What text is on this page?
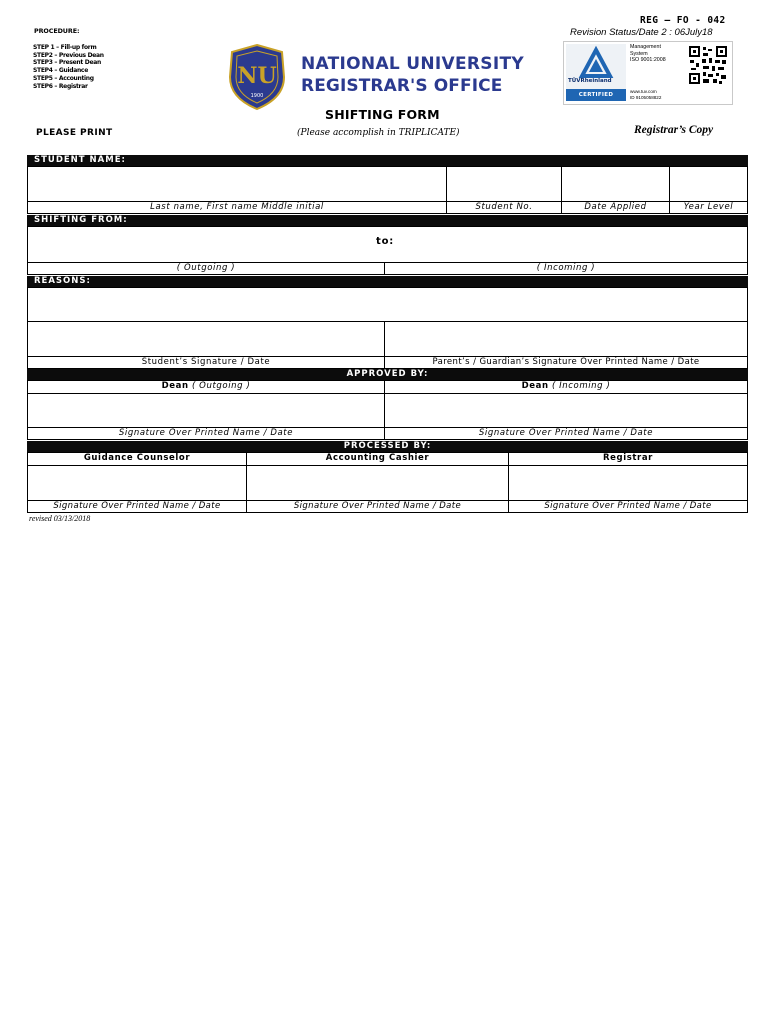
PROCEDURE:
STEP 1 – Fill-up form
STEP2 – Previous Dean
STEP3 – Present Dean
STEP4 – Guidance
STEP5 – Accounting
STEP6 – Registrar	NU
1900
NATIONAL UNIVERSITY
REGISTRAR'S OFFICE
SHIFTING FORM
PLEASE PRINT	(Please accomplish in TRIPLICATE)	Registrar’s Copy
REG – FO - 042
Revision Status/Date 2 : 06July18
TÜVRheinland
CERTIFIED
Management
System
ISO 9001:2008
www.tuv.com
ID 9105058822
STUDENT NAME:
Last name, First name Middle initial	Student No.	Date Applied	Year Level
SHIFTING FROM:
to:
( Outgoing )	( Incoming )
REASONS:
Student’s Signature / Date	Parent’s / Guardian’s Signature Over Printed Name / Date
APPROVED BY:
Dean ( Outgoing )	Dean ( Incoming )
Signature Over Printed Name / Date	Signature Over Printed Name / Date
PROCESSED BY:
Guidance Counselor	Accounting Cashier	Registrar
Signature Over Printed Name / Date	Signature Over Printed Name / Date	Signature Over Printed Name / Date
revised 03/13/2018
